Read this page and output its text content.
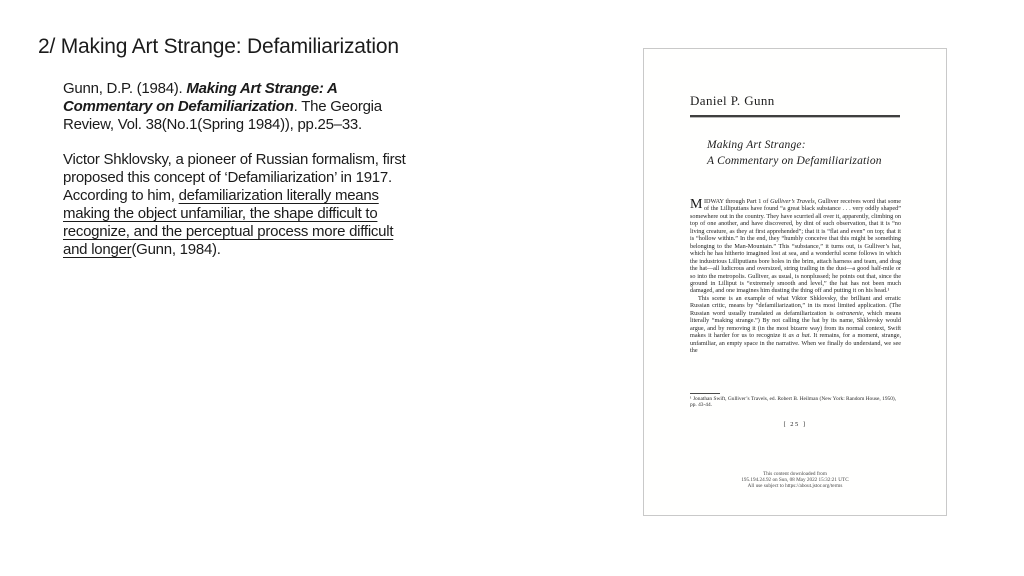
2/ Making Art Strange: Defamiliarization

Gunn, D.P. (1984). Making Art Strange: A Commentary on Defamiliarization. The Georgia Review, Vol. 38(No.1(Spring 1984)), pp.25–33.

Victor Shklovsky, a pioneer of Russian formalism, first proposed this concept of ‘Defamiliarization’ in 1917. According to him, defamiliarization literally means making the object unfamiliar, the shape difficult to recognize, and the perceptual process more difficult and longer(Gunn, 1984).

Daniel P. Gunn
Making Art Strange:
A Commentary on Defamiliarization

MIDWAY through Part 1 of Gulliver’s Travels, Gulliver receives word that some of the Lilliputians have found “a great black substance . . . very oddly shaped” somewhere out in the country. They have scurried all over it, apparently, climbing on top of one another, and have discovered, by dint of such observation, that it is “no living creature, as they at first apprehended”; that it is “flat and even” on top; that it is “hollow within.” In the end, they “humbly conceive that this might be something belonging to the Man-Mountain.” This “substance,” it turns out, is Gulliver’s hat, which he has hitherto imagined lost at sea, and a wonderful scene follows in which the industrious Lilliputians bore holes in the brim, attach harness and team, and drag the hat—all ludicrous and oversized, string trailing in the dust—a good half-mile or so into the metropolis. Gulliver, as usual, is nonplussed; he points out that, since the ground in Lilliput is “extremely smooth and level,” the hat has not been much damaged, and one imagines him dusting the thing off and putting it on his head.¹

This scene is an example of what Viktor Shklovsky, the brilliant and erratic Russian critic, means by “defamiliarization,” in its most limited application. (The Russian word usually translated as defamiliarization is ostranenie, which means literally “making strange.”) By not calling the hat by its name, Shklovsky would argue, and by removing it (in the most bizarre way) from its normal context, Swift makes it harder for us to recognize it as a hat. It remains, for a moment, strange, unfamiliar, an empty space in the narrative. When we finally do understand, we see the

¹ Jonathan Swift, Gulliver’s Travels, ed. Robert B. Heilman (New York: Random House, 1950), pp. 43-44.
[ 25 ]
This content downloaded from
195.194.24.92 on Sun, 08 May 2022 15:32:21 UTC
All use subject to https://about.jstor.org/terms
